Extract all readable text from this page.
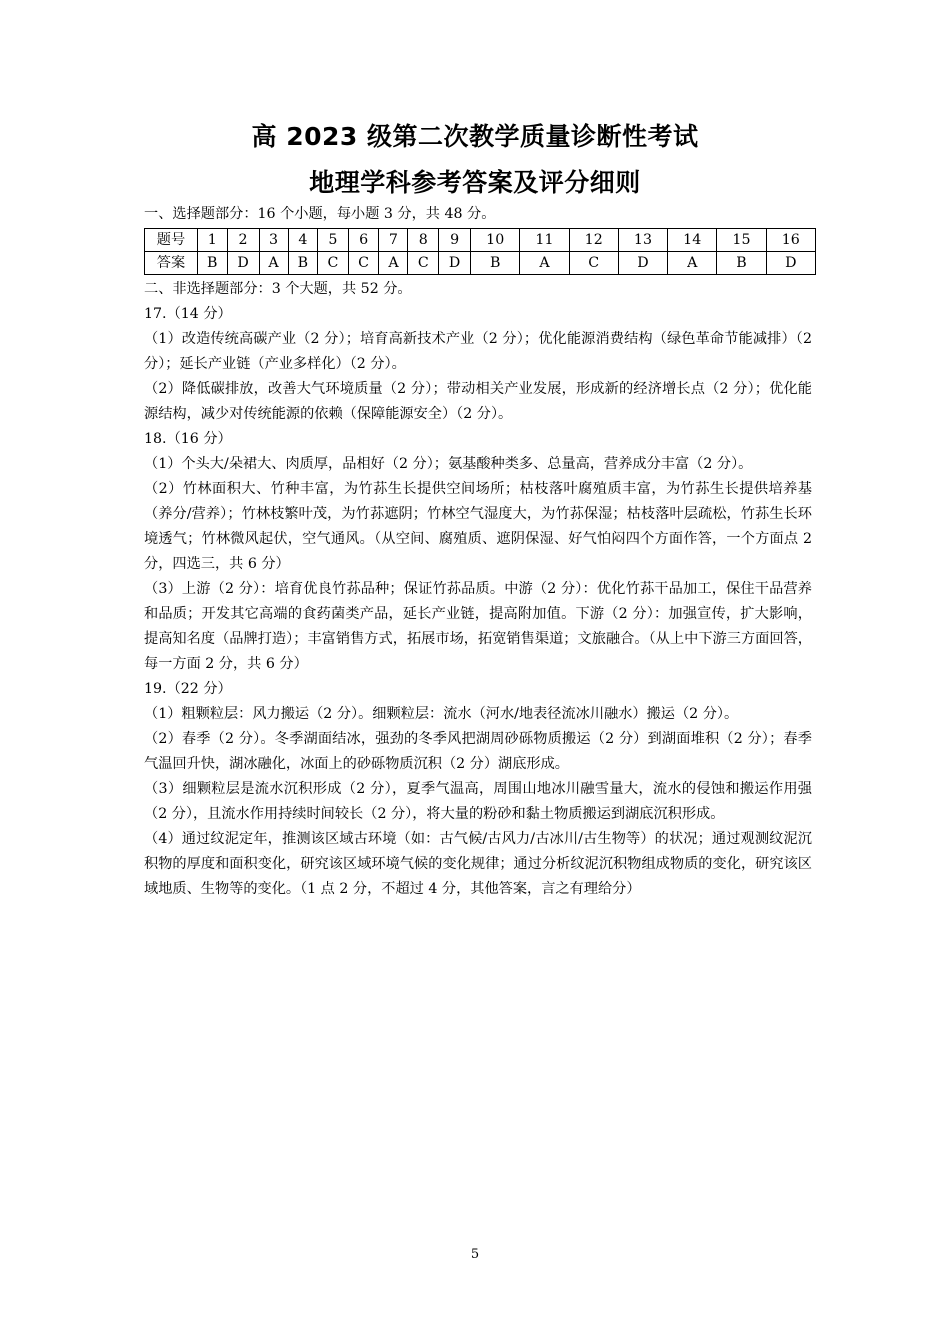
高 2023 级第二次教学质量诊断性考试
地理学科参考答案及评分细则

一、选择题部分：16 个小题，每小题 3 分，共 48 分。

题号	1	2	3	4	5	6	7	8	9	10	11	12	13	14	15	16
答案	B	D	A	B	C	C	A	C	D	B	A	C	D	A	B	D

二、非选择题部分：3 个大题，共 52 分。

17.（14 分）

（1）改造传统高碳产业（2 分）；培育高新技术产业（2 分）；优化能源消费结构（绿色革命节能减排）（2 分）；延长产业链（产业多样化）（2 分）。

（2）降低碳排放，改善大气环境质量（2 分）；带动相关产业发展，形成新的经济增长点（2 分）；优化能源结构，减少对传统能源的依赖（保障能源安全）（2 分）。

18.（16 分）

（1）个头大/朵裙大、肉质厚，品相好（2 分）；氨基酸种类多、总量高，营养成分丰富（2 分）。

（2）竹林面积大、竹种丰富，为竹荪生长提供空间场所；枯枝落叶腐殖质丰富，为竹荪生长提供培养基（养分/营养）；竹林枝繁叶茂，为竹荪遮阴；竹林空气湿度大，为竹荪保湿；枯枝落叶层疏松，竹荪生长环境透气；竹林微风起伏，空气通风。（从空间、腐殖质、遮阴保湿、好气怕闷四个方面作答，一个方面点 2 分，四选三，共 6 分）

（3）上游（2 分）：培育优良竹荪品种；保证竹荪品质。中游（2 分）：优化竹荪干品加工，保住干品营养和品质；开发其它高端的食药菌类产品，延长产业链，提高附加值。下游（2 分）：加强宣传，扩大影响，提高知名度（品牌打造）；丰富销售方式，拓展市场，拓宽销售渠道；文旅融合。（从上中下游三方面回答，每一方面 2 分，共 6 分）

19.（22 分）

（1）粗颗粒层：风力搬运（2 分）。细颗粒层：流水（河水/地表径流冰川融水）搬运（2 分）。

（2）春季（2 分）。冬季湖面结冰，强劲的冬季风把湖周砂砾物质搬运（2 分）到湖面堆积（2 分）；春季气温回升快，湖冰融化，冰面上的砂砾物质沉积（2 分）湖底形成。

（3）细颗粒层是流水沉积形成（2 分），夏季气温高，周围山地冰川融雪量大，流水的侵蚀和搬运作用强（2 分），且流水作用持续时间较长（2 分），将大量的粉砂和黏土物质搬运到湖底沉积形成。

（4）通过纹泥定年，推测该区域古环境（如：古气候/古风力/古冰川/古生物等）的状况；通过观测纹泥沉积物的厚度和面积变化，研究该区域环境气候的变化规律；通过分析纹泥沉积物组成物质的变化，研究该区域地质、生物等的变化。（1 点 2 分，不超过 4 分，其他答案，言之有理给分）

5
